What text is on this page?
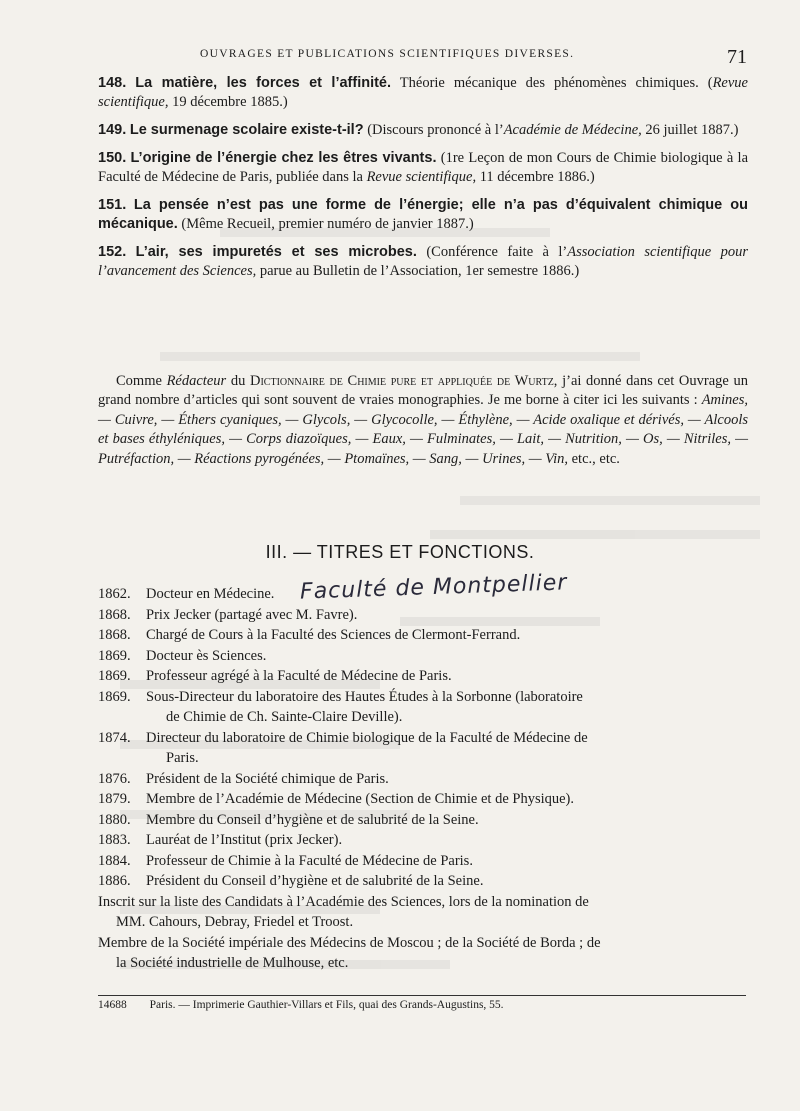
OUVRAGES ET PUBLICATIONS SCIENTIFIQUES DIVERSES.	71
148. La matière, les forces et l’affinité. Théorie mécanique des phénomènes chimiques. (Revue scientifique, 19 décembre 1885.)
149. Le surmenage scolaire existe-t-il? (Discours prononcé à l’Académie de Médecine, 26 juillet 1887.)
150. L’origine de l’énergie chez les êtres vivants. (1re Leçon de mon Cours de Chimie biologique à la Faculté de Médecine de Paris, publiée dans la Revue scientifique, 11 décembre 1886.)
151. La pensée n’est pas une forme de l’énergie; elle n’a pas d’équivalent chimique ou mécanique. (Même Recueil, premier numéro de janvier 1887.)
152. L’air, ses impuretés et ses microbes. (Conférence faite à l’Association scientifique pour l’avancement des Sciences, parue au Bulletin de l’Association, 1er semestre 1886.)
Comme Rédacteur du Dictionnaire de Chimie pure et appliquée de Wurtz, j’ai donné dans cet Ouvrage un grand nombre d’articles qui sont souvent de vraies monographies. Je me borne à citer ici les suivants : Amines, — Cuivre, — Éthers cyaniques, — Glycols, — Glycocolle, — Éthylène, — Acide oxalique et dérivés, — Alcools et bases éthyléniques, — Corps diazoïques, — Eaux, — Fulminates, — Lait, — Nutrition, — Os, — Nitriles, — Putréfaction, — Réactions pyrogénées, — Ptomaïnes, — Sang, — Urines, — Vin, etc., etc.
III. — TITRES ET FONCTIONS.
Faculté de Montpellier
1862.	Docteur en Médecine.
1868.	Prix Jecker (partagé avec M. Favre).
1868.	Chargé de Cours à la Faculté des Sciences de Clermont-Ferrand.
1869.	Docteur ès Sciences.
1869.	Professeur agrégé à la Faculté de Médecine de Paris.
1869.	Sous-Directeur du laboratoire des Hautes Études à la Sorbonne (laboratoire
de Chimie de Ch. Sainte-Claire Deville).
1874.	Directeur du laboratoire de Chimie biologique de la Faculté de Médecine de
Paris.
1876.	Président de la Société chimique de Paris.
1879.	Membre de l’Académie de Médecine (Section de Chimie et de Physique).
1880.	Membre du Conseil d’hygiène et de salubrité de la Seine.
1883.	Lauréat de l’Institut (prix Jecker).
1884.	Professeur de Chimie à la Faculté de Médecine de Paris.
1886.	Président du Conseil d’hygiène et de salubrité de la Seine.
Inscrit sur la liste des Candidats à l’Académie des Sciences, lors de la nomination de
MM. Cahours, Debray, Friedel et Troost.
Membre de la Société impériale des Médecins de Moscou ; de la Société de Borda ; de
la Société industrielle de Mulhouse, etc.
14688 Paris. — Imprimerie Gauthier-Villars et Fils, quai des Grands-Augustins, 55.
